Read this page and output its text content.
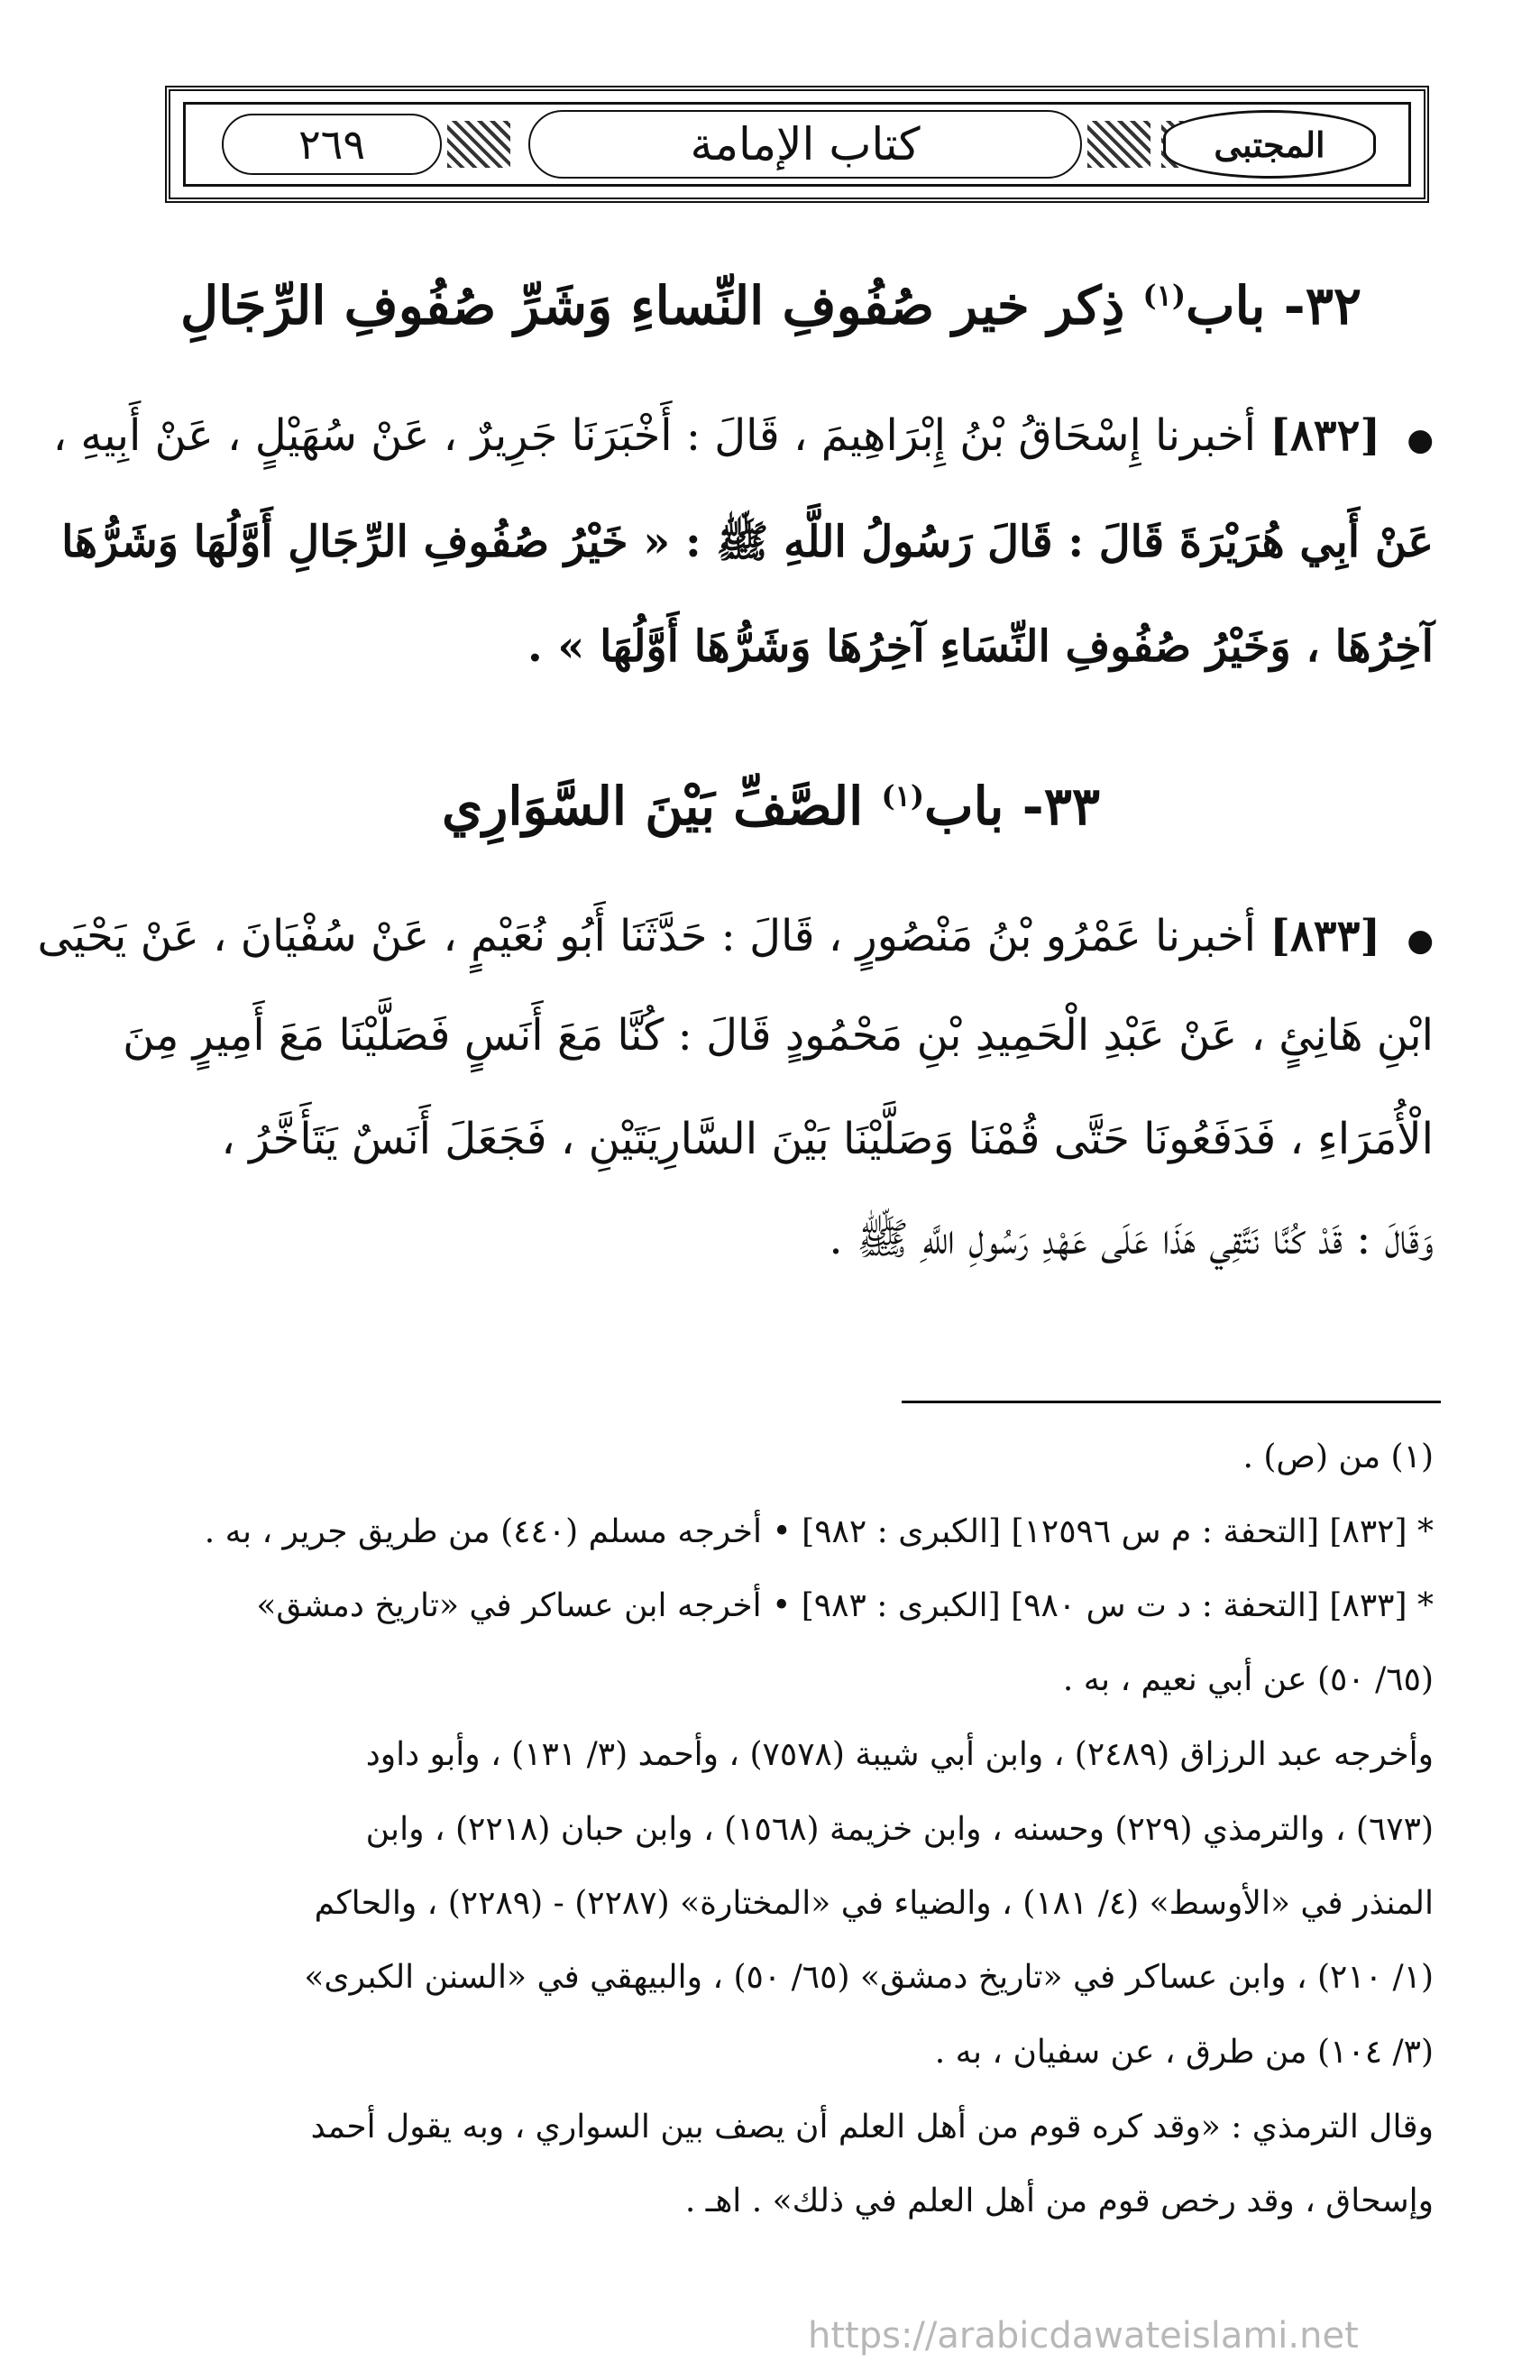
٢٦٩	كتاب الإمامة	المجتبى
٣٢- باب$^{(١)}$ ذِكر خير صُفُوفِ النِّساءِ وَشَرِّ صُفُوفِ الرِّجَالِ
● [٨٣٢] أخبرنا إِسْحَاقُ بْنُ إِبْرَاهِيمَ ، قَالَ : أَخْبَرَنَا جَرِيرٌ ، عَنْ سُهَيْلٍ ، عَنْ أَبِيهِ ،
عَنْ أَبِي هُرَيْرَةَ قَالَ : قَالَ رَسُولُ اللَّهِ ﷺ : « خَيْرُ صُفُوفِ الرِّجَالِ أَوَّلُهَا وَشَرُّهَا
آخِرُهَا ، وَخَيْرُ صُفُوفِ النِّسَاءِ آخِرُهَا وَشَرُّهَا أَوَّلُهَا » .
٣٣- باب$^{(١)}$ الصَّفِّ بَيْنَ السَّوَارِي
● [٨٣٣] أخبرنا عَمْرُو بْنُ مَنْصُورٍ ، قَالَ : حَدَّثَنَا أَبُو نُعَيْمٍ ، عَنْ سُفْيَانَ ، عَنْ يَحْيَى
ابْنِ هَانِئٍ ، عَنْ عَبْدِ الْحَمِيدِ بْنِ مَحْمُودٍ قَالَ : كُنَّا مَعَ أَنَسٍ فَصَلَّيْنَا مَعَ أَمِيرٍ مِنَ
الْأُمَرَاءِ ، فَدَفَعُونَا حَتَّى قُمْنَا وَصَلَّيْنَا بَيْنَ السَّارِيَتَيْنِ ، فَجَعَلَ أَنَسٌ يَتَأَخَّرُ ،
وَقَالَ : قَدْ كُنَّا نَتَّقِي هَذَا عَلَى عَهْدِ رَسُولِ اللَّهِ ﷺ .
(١) من (ص) .
* [٨٣٢] [التحفة : م س ١٢٥٩٦] [الكبرى : ٩٨٢] • أخرجه مسلم (٤٤٠) من طريق جرير ، به .
* [٨٣٣] [التحفة : د ت س ٩٨٠] [الكبرى : ٩٨٣] • أخرجه ابن عساكر في «تاريخ دمشق»
(٦٥/ ٥٠) عن أبي نعيم ، به .
وأخرجه عبد الرزاق (٢٤٨٩) ، وابن أبي شيبة (٧٥٧٨) ، وأحمد (٣/ ١٣١) ، وأبو داود
(٦٧٣) ، والترمذي (٢٢٩) وحسنه ، وابن خزيمة (١٥٦٨) ، وابن حبان (٢٢١٨) ، وابن
المنذر في «الأوسط» (٤/ ١٨١) ، والضياء في «المختارة» (٢٢٨٧) - (٢٢٨٩) ، والحاكم
(١/ ٢١٠) ، وابن عساكر في «تاريخ دمشق» (٦٥/ ٥٠) ، والبيهقي في «السنن الكبرى»
(٣/ ١٠٤) من طرق ، عن سفيان ، به .
وقال الترمذي : «وقد كره قوم من أهل العلم أن يصف بين السواري ، وبه يقول أحمد
وإسحاق ، وقد رخص قوم من أهل العلم في ذلك» . اهـ .
https://arabicdawateislami.net
